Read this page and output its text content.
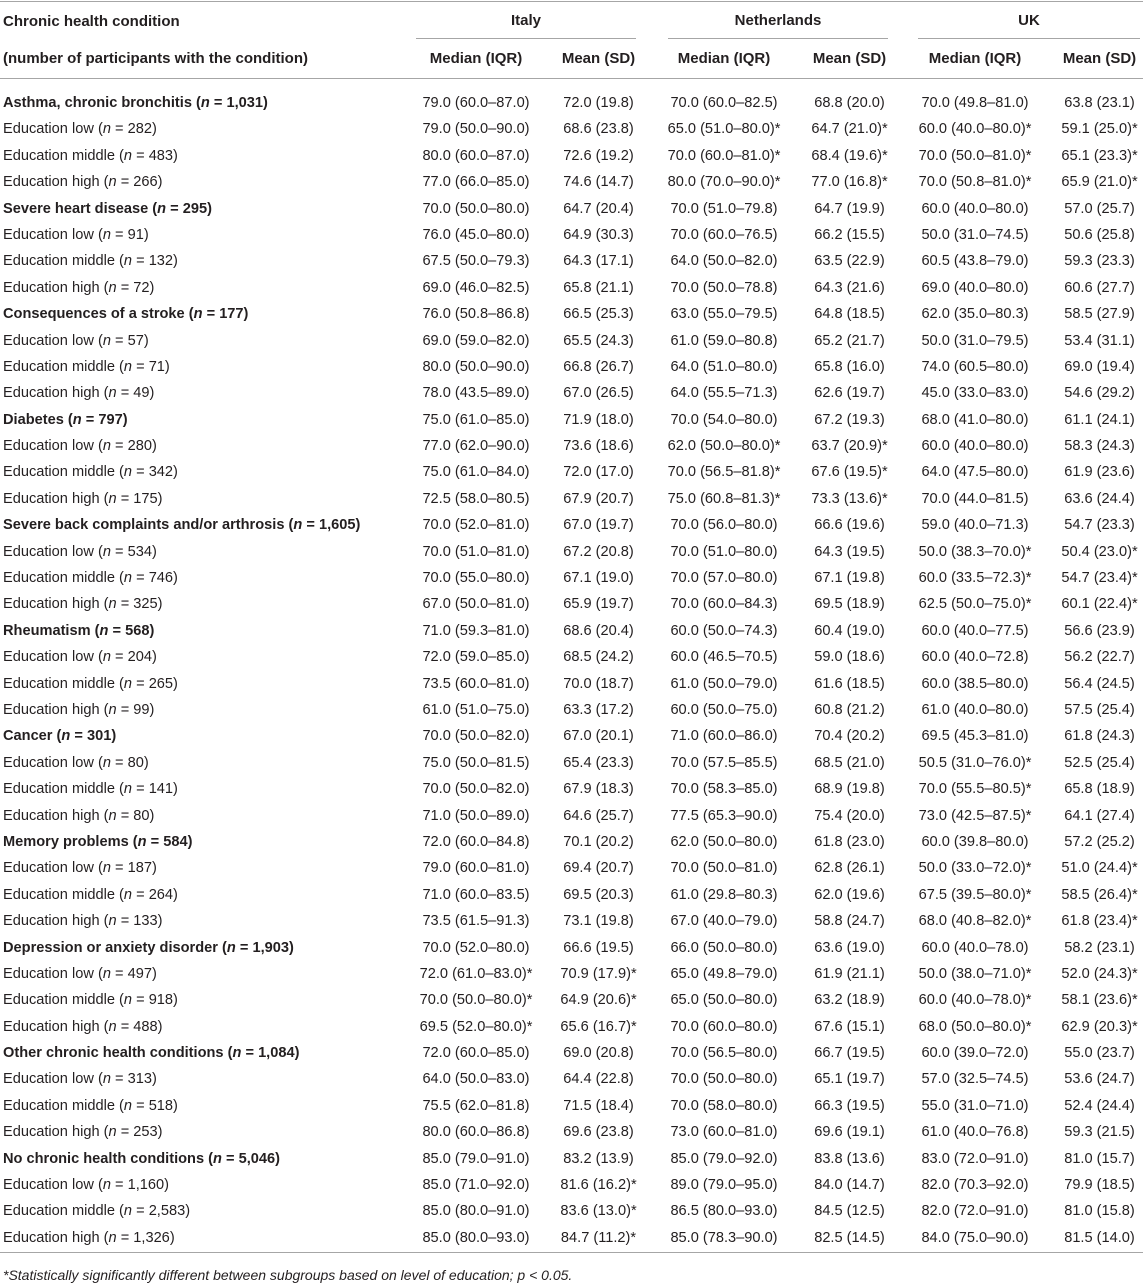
Chronic health condition	Italy	Netherlands	UK
(number of participants with the condition)	Median (IQR)	Mean (SD)	Median (IQR)	Mean (SD)	Median (IQR)	Mean (SD)
Asthma, chronic bronchitis (n = 1,031)	79.0 (60.0–87.0)	72.0 (19.8)	70.0 (60.0–82.5)	68.8 (20.0)	70.0 (49.8–81.0)	63.8 (23.1)
Education low (n = 282)	79.0 (50.0–90.0)	68.6 (23.8)	65.0 (51.0–80.0)*	64.7 (21.0)*	60.0 (40.0–80.0)*	59.1 (25.0)*
Education middle (n = 483)	80.0 (60.0–87.0)	72.6 (19.2)	70.0 (60.0–81.0)*	68.4 (19.6)*	70.0 (50.0–81.0)*	65.1 (23.3)*
Education high (n = 266)	77.0 (66.0–85.0)	74.6 (14.7)	80.0 (70.0–90.0)*	77.0 (16.8)*	70.0 (50.8–81.0)*	65.9 (21.0)*
Severe heart disease (n = 295)	70.0 (50.0–80.0)	64.7 (20.4)	70.0 (51.0–79.8)	64.7 (19.9)	60.0 (40.0–80.0)	57.0 (25.7)
Education low (n = 91)	76.0 (45.0–80.0)	64.9 (30.3)	70.0 (60.0–76.5)	66.2 (15.5)	50.0 (31.0–74.5)	50.6 (25.8)
Education middle (n = 132)	67.5 (50.0–79.3)	64.3 (17.1)	64.0 (50.0–82.0)	63.5 (22.9)	60.5 (43.8–79.0)	59.3 (23.3)
Education high (n = 72)	69.0 (46.0–82.5)	65.8 (21.1)	70.0 (50.0–78.8)	64.3 (21.6)	69.0 (40.0–80.0)	60.6 (27.7)
Consequences of a stroke (n = 177)	76.0 (50.8–86.8)	66.5 (25.3)	63.0 (55.0–79.5)	64.8 (18.5)	62.0 (35.0–80.3)	58.5 (27.9)
Education low (n = 57)	69.0 (59.0–82.0)	65.5 (24.3)	61.0 (59.0–80.8)	65.2 (21.7)	50.0 (31.0–79.5)	53.4 (31.1)
Education middle (n = 71)	80.0 (50.0–90.0)	66.8 (26.7)	64.0 (51.0–80.0)	65.8 (16.0)	74.0 (60.5–80.0)	69.0 (19.4)
Education high (n = 49)	78.0 (43.5–89.0)	67.0 (26.5)	64.0 (55.5–71.3)	62.6 (19.7)	45.0 (33.0–83.0)	54.6 (29.2)
Diabetes (n = 797)	75.0 (61.0–85.0)	71.9 (18.0)	70.0 (54.0–80.0)	67.2 (19.3)	68.0 (41.0–80.0)	61.1 (24.1)
Education low (n = 280)	77.0 (62.0–90.0)	73.6 (18.6)	62.0 (50.0–80.0)*	63.7 (20.9)*	60.0 (40.0–80.0)	58.3 (24.3)
Education middle (n = 342)	75.0 (61.0–84.0)	72.0 (17.0)	70.0 (56.5–81.8)*	67.6 (19.5)*	64.0 (47.5–80.0)	61.9 (23.6)
Education high (n = 175)	72.5 (58.0–80.5)	67.9 (20.7)	75.0 (60.8–81.3)*	73.3 (13.6)*	70.0 (44.0–81.5)	63.6 (24.4)
Severe back complaints and/or arthrosis (n = 1,605)	70.0 (52.0–81.0)	67.0 (19.7)	70.0 (56.0–80.0)	66.6 (19.6)	59.0 (40.0–71.3)	54.7 (23.3)
Education low (n = 534)	70.0 (51.0–81.0)	67.2 (20.8)	70.0 (51.0–80.0)	64.3 (19.5)	50.0 (38.3–70.0)*	50.4 (23.0)*
Education middle (n = 746)	70.0 (55.0–80.0)	67.1 (19.0)	70.0 (57.0–80.0)	67.1 (19.8)	60.0 (33.5–72.3)*	54.7 (23.4)*
Education high (n = 325)	67.0 (50.0–81.0)	65.9 (19.7)	70.0 (60.0–84.3)	69.5 (18.9)	62.5 (50.0–75.0)*	60.1 (22.4)*
Rheumatism (n = 568)	71.0 (59.3–81.0)	68.6 (20.4)	60.0 (50.0–74.3)	60.4 (19.0)	60.0 (40.0–77.5)	56.6 (23.9)
Education low (n = 204)	72.0 (59.0–85.0)	68.5 (24.2)	60.0 (46.5–70.5)	59.0 (18.6)	60.0 (40.0–72.8)	56.2 (22.7)
Education middle (n = 265)	73.5 (60.0–81.0)	70.0 (18.7)	61.0 (50.0–79.0)	61.6 (18.5)	60.0 (38.5–80.0)	56.4 (24.5)
Education high (n = 99)	61.0 (51.0–75.0)	63.3 (17.2)	60.0 (50.0–75.0)	60.8 (21.2)	61.0 (40.0–80.0)	57.5 (25.4)
Cancer (n = 301)	70.0 (50.0–82.0)	67.0 (20.1)	71.0 (60.0–86.0)	70.4 (20.2)	69.5 (45.3–81.0)	61.8 (24.3)
Education low (n = 80)	75.0 (50.0–81.5)	65.4 (23.3)	70.0 (57.5–85.5)	68.5 (21.0)	50.5 (31.0–76.0)*	52.5 (25.4)
Education middle (n = 141)	70.0 (50.0–82.0)	67.9 (18.3)	70.0 (58.3–85.0)	68.9 (19.8)	70.0 (55.5–80.5)*	65.8 (18.9)
Education high (n = 80)	71.0 (50.0–89.0)	64.6 (25.7)	77.5 (65.3–90.0)	75.4 (20.0)	73.0 (42.5–87.5)*	64.1 (27.4)
Memory problems (n = 584)	72.0 (60.0–84.8)	70.1 (20.2)	62.0 (50.0–80.0)	61.8 (23.0)	60.0 (39.8–80.0)	57.2 (25.2)
Education low (n = 187)	79.0 (60.0–81.0)	69.4 (20.7)	70.0 (50.0–81.0)	62.8 (26.1)	50.0 (33.0–72.0)*	51.0 (24.4)*
Education middle (n = 264)	71.0 (60.0–83.5)	69.5 (20.3)	61.0 (29.8–80.3)	62.0 (19.6)	67.5 (39.5–80.0)*	58.5 (26.4)*
Education high (n = 133)	73.5 (61.5–91.3)	73.1 (19.8)	67.0 (40.0–79.0)	58.8 (24.7)	68.0 (40.8–82.0)*	61.8 (23.4)*
Depression or anxiety disorder (n = 1,903)	70.0 (52.0–80.0)	66.6 (19.5)	66.0 (50.0–80.0)	63.6 (19.0)	60.0 (40.0–78.0)	58.2 (23.1)
Education low (n = 497)	72.0 (61.0–83.0)*	70.9 (17.9)*	65.0 (49.8–79.0)	61.9 (21.1)	50.0 (38.0–71.0)*	52.0 (24.3)*
Education middle (n = 918)	70.0 (50.0–80.0)*	64.9 (20.6)*	65.0 (50.0–80.0)	63.2 (18.9)	60.0 (40.0–78.0)*	58.1 (23.6)*
Education high (n = 488)	69.5 (52.0–80.0)*	65.6 (16.7)*	70.0 (60.0–80.0)	67.6 (15.1)	68.0 (50.0–80.0)*	62.9 (20.3)*
Other chronic health conditions (n = 1,084)	72.0 (60.0–85.0)	69.0 (20.8)	70.0 (56.5–80.0)	66.7 (19.5)	60.0 (39.0–72.0)	55.0 (23.7)
Education low (n = 313)	64.0 (50.0–83.0)	64.4 (22.8)	70.0 (50.0–80.0)	65.1 (19.7)	57.0 (32.5–74.5)	53.6 (24.7)
Education middle (n = 518)	75.5 (62.0–81.8)	71.5 (18.4)	70.0 (58.0–80.0)	66.3 (19.5)	55.0 (31.0–71.0)	52.4 (24.4)
Education high (n = 253)	80.0 (60.0–86.8)	69.6 (23.8)	73.0 (60.0–81.0)	69.6 (19.1)	61.0 (40.0–76.8)	59.3 (21.5)
No chronic health conditions (n = 5,046)	85.0 (79.0–91.0)	83.2 (13.9)	85.0 (79.0–92.0)	83.8 (13.6)	83.0 (72.0–91.0)	81.0 (15.7)
Education low (n = 1,160)	85.0 (71.0–92.0)	81.6 (16.2)*	89.0 (79.0–95.0)	84.0 (14.7)	82.0 (70.3–92.0)	79.9 (18.5)
Education middle (n = 2,583)	85.0 (80.0–91.0)	83.6 (13.0)*	86.5 (80.0–93.0)	84.5 (12.5)	82.0 (72.0–91.0)	81.0 (15.8)
Education high (n = 1,326)	85.0 (80.0–93.0)	84.7 (11.2)*	85.0 (78.3–90.0)	82.5 (14.5)	84.0 (75.0–90.0)	81.5 (14.0)
*Statistically significantly different between subgroups based on level of education; p < 0.05.
